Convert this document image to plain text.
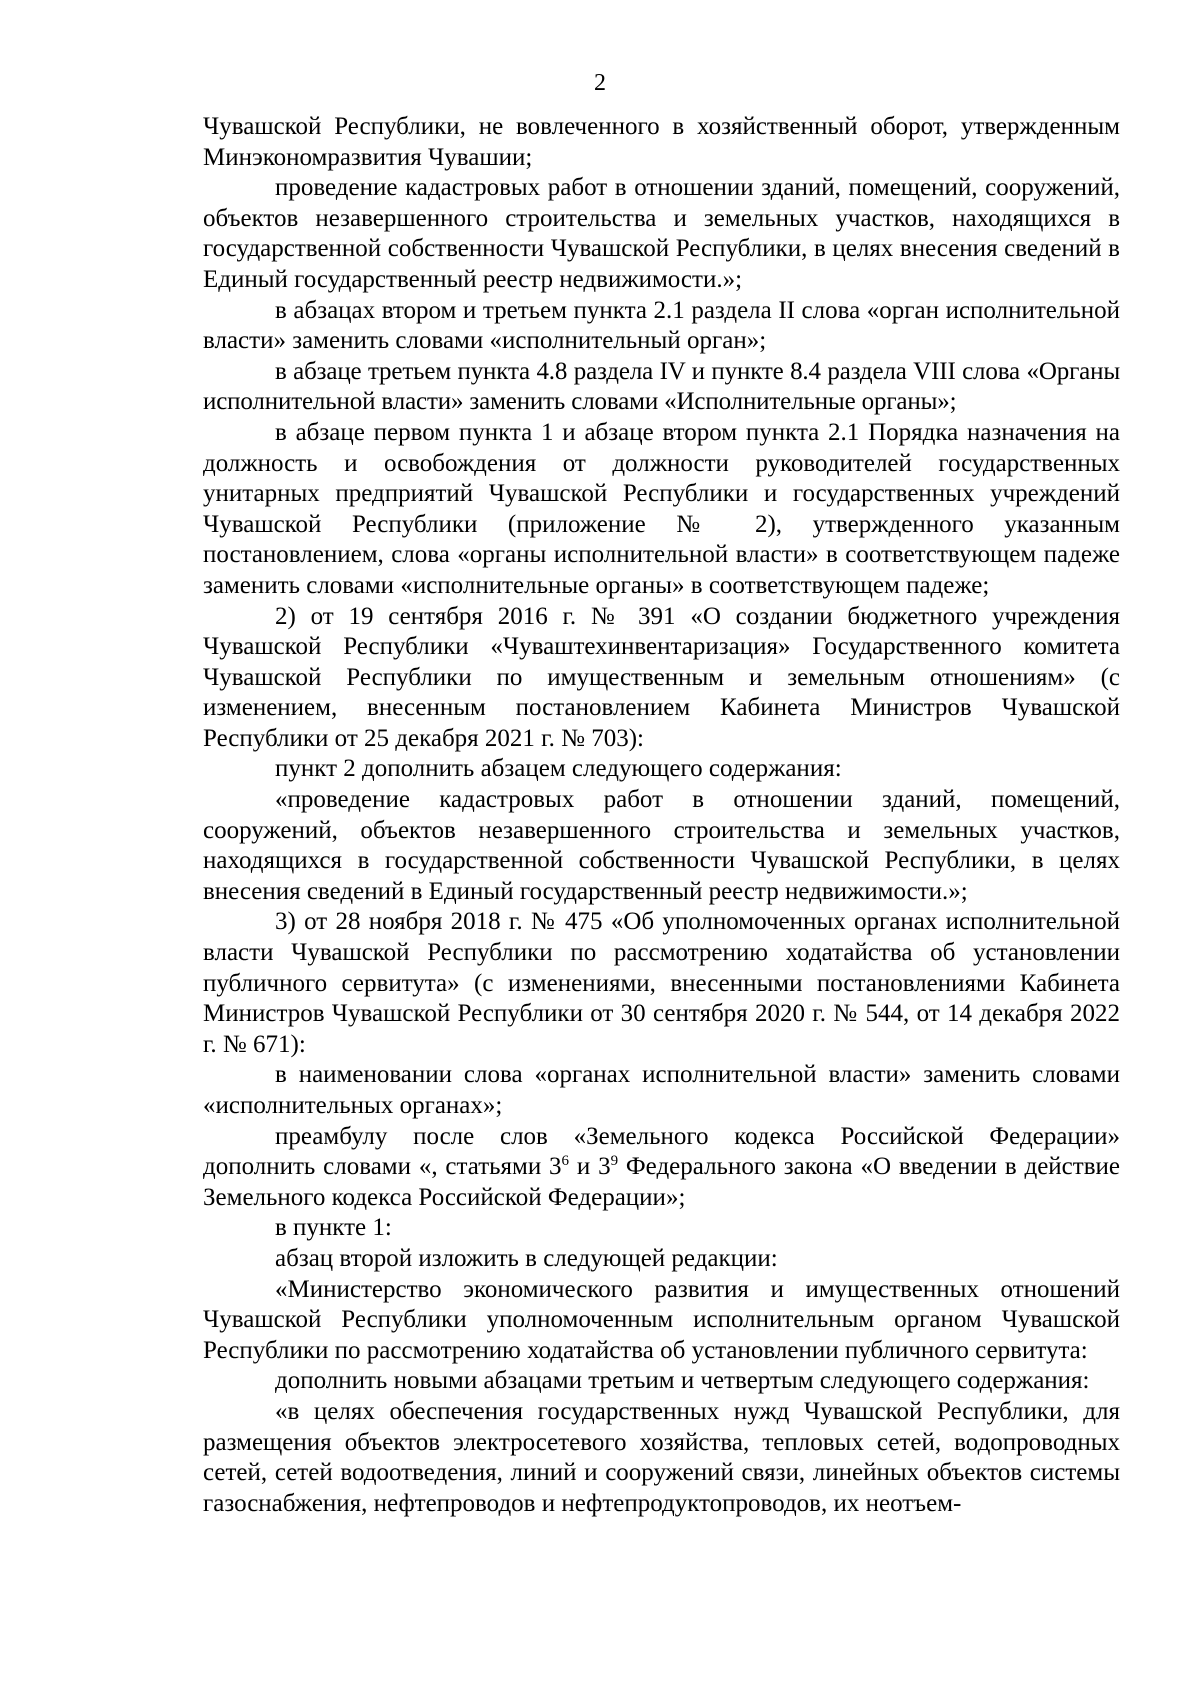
2

Чувашской Республики, не вовлеченного в хозяйственный оборот, утвержденным Минэкономразвития Чувашии;

проведение кадастровых работ в отношении зданий, помещений, сооружений, объектов незавершенного строительства и земельных участков, находящихся в государственной собственности Чувашской Республики, в целях внесения сведений в Единый государственный реестр недвижимости.»;

в абзацах втором и третьем пункта 2.1 раздела II слова «орган исполнительной власти» заменить словами «исполнительный орган»;

в абзаце третьем пункта 4.8 раздела IV и пункте 8.4 раздела VIII слова «Органы исполнительной власти» заменить словами «Исполнительные органы»;

в абзаце первом пункта 1 и абзаце втором пункта 2.1 Порядка назначения на должность и освобождения от должности руководителей государственных унитарных предприятий Чувашской Республики и государственных учреждений Чувашской Республики (приложение № 2), утвержденного указанным постановлением, слова «органы исполнительной власти» в соответствующем падеже заменить словами «исполнительные органы» в соответствующем падеже;

2) от 19 сентября 2016 г. № 391 «О создании бюджетного учреждения Чувашской Республики «Чуваштехинвентаризация» Государственного комитета Чувашской Республики по имущественным и земельным отношениям» (с изменением, внесенным постановлением Кабинета Министров Чувашской Республики от 25 декабря 2021 г. № 703):

пункт 2 дополнить абзацем следующего содержания:

«проведение кадастровых работ в отношении зданий, помещений, сооружений, объектов незавершенного строительства и земельных участков, находящихся в государственной собственности Чувашской Республики, в целях внесения сведений в Единый государственный реестр недвижимости.»;

3) от 28 ноября 2018 г. № 475 «Об уполномоченных органах исполнительной власти Чувашской Республики по рассмотрению ходатайства об установлении публичного сервитута» (с изменениями, внесенными постановлениями Кабинета Министров Чувашской Республики от 30 сентября 2020 г. № 544, от 14 декабря 2022 г. № 671):

в наименовании слова «органах исполнительной власти» заменить словами «исполнительных органах»;

преамбулу после слов «Земельного кодекса Российской Федерации» дополнить словами «, статьями $3^6$ и $3^9$ Федерального закона «О введении в действие Земельного кодекса Российской Федерации»;

в пункте 1:

абзац второй изложить в следующей редакции:

«Министерство экономического развития и имущественных отношений Чувашской Республики уполномоченным исполнительным органом Чувашской Республики по рассмотрению ходатайства об установлении публичного сервитута:

дополнить новыми абзацами третьим и четвертым следующего содержания:

«в целях обеспечения государственных нужд Чувашской Республики, для размещения объектов электросетевого хозяйства, тепловых сетей, водопроводных сетей, сетей водоотведения, линий и сооружений связи, линейных объектов системы газоснабжения, нефтепроводов и нефтепродуктопроводов, их неотъем-
